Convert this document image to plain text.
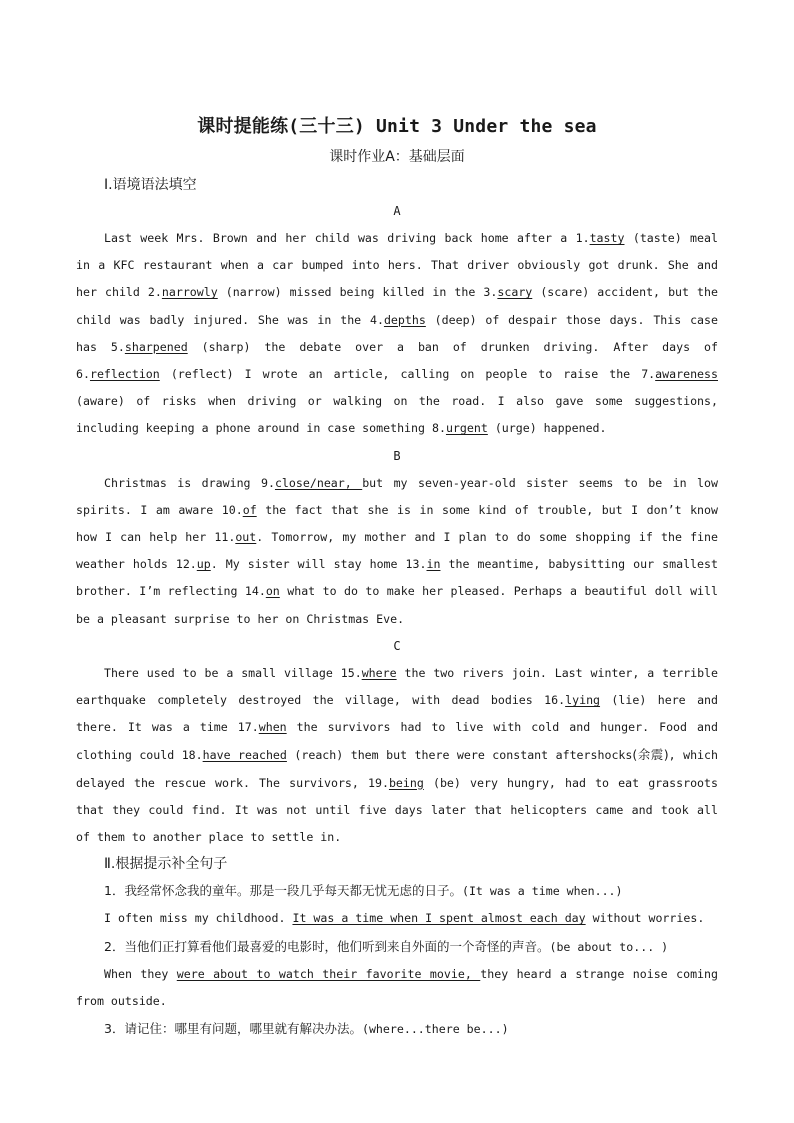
课时提能练(三十三) Unit 3 Under the sea
课时作业A：基础层面
Ⅰ.语境语法填空
A

Last week Mrs. Brown and her child was driving back home after a 1.tasty (taste) meal in a KFC restaurant when a car bumped into hers. That driver obviously got drunk. She and her child 2.narrowly (narrow) missed being killed in the 3.scary (scare) accident, but the child was badly injured. She was in the 4.depths (deep) of despair those days. This case has 5.sharpened (sharp) the debate over a ban of drunken driving. After days of 6.reflection (reflect) I wrote an article, calling on people to raise the 7.awareness (aware) of risks when driving or walking on the road. I also gave some suggestions, including keeping a phone around in case something 8.urgent (urge) happened.

B

Christmas is drawing 9.close/near, but my seven-year-old sister seems to be in low spirits. I am aware 10.of the fact that she is in some kind of trouble, but I don’t know how I can help her 11.out. Tomorrow, my mother and I plan to do some shopping if the fine weather holds 12.up. My sister will stay home 13.in the meantime, babysitting our smallest brother. I’m reflecting 14.on what to do to make her pleased. Perhaps a beautiful doll will be a pleasant surprise to her on Christmas Eve.

C

There used to be a small village 15.where the two rivers join. Last winter, a terrible earthquake completely destroyed the village, with dead bodies 16.lying (lie) here and there. It was a time 17.when the survivors had to live with cold and hunger. Food and clothing could 18.have reached (reach) them but there were constant aftershocks(余震), which delayed the rescue work. The survivors, 19.being (be) very hungry, had to eat grassroots that they could find. It was not until five days later that helicopters came and took all of them to another place to settle in.

Ⅱ.根据提示补全句子

1．我经常怀念我的童年。那是一段几乎每天都无忧无虑的日子。(It was a time when...)

I often miss my childhood. It was a time when I spent almost each day without worries.

2．当他们正打算看他们最喜爱的电影时，他们听到来自外面的一个奇怪的声音。(be about to... )

When they were about to watch their favorite movie, they heard a strange noise coming from outside.

3．请记住：哪里有问题，哪里就有解决办法。(where...there be...)
